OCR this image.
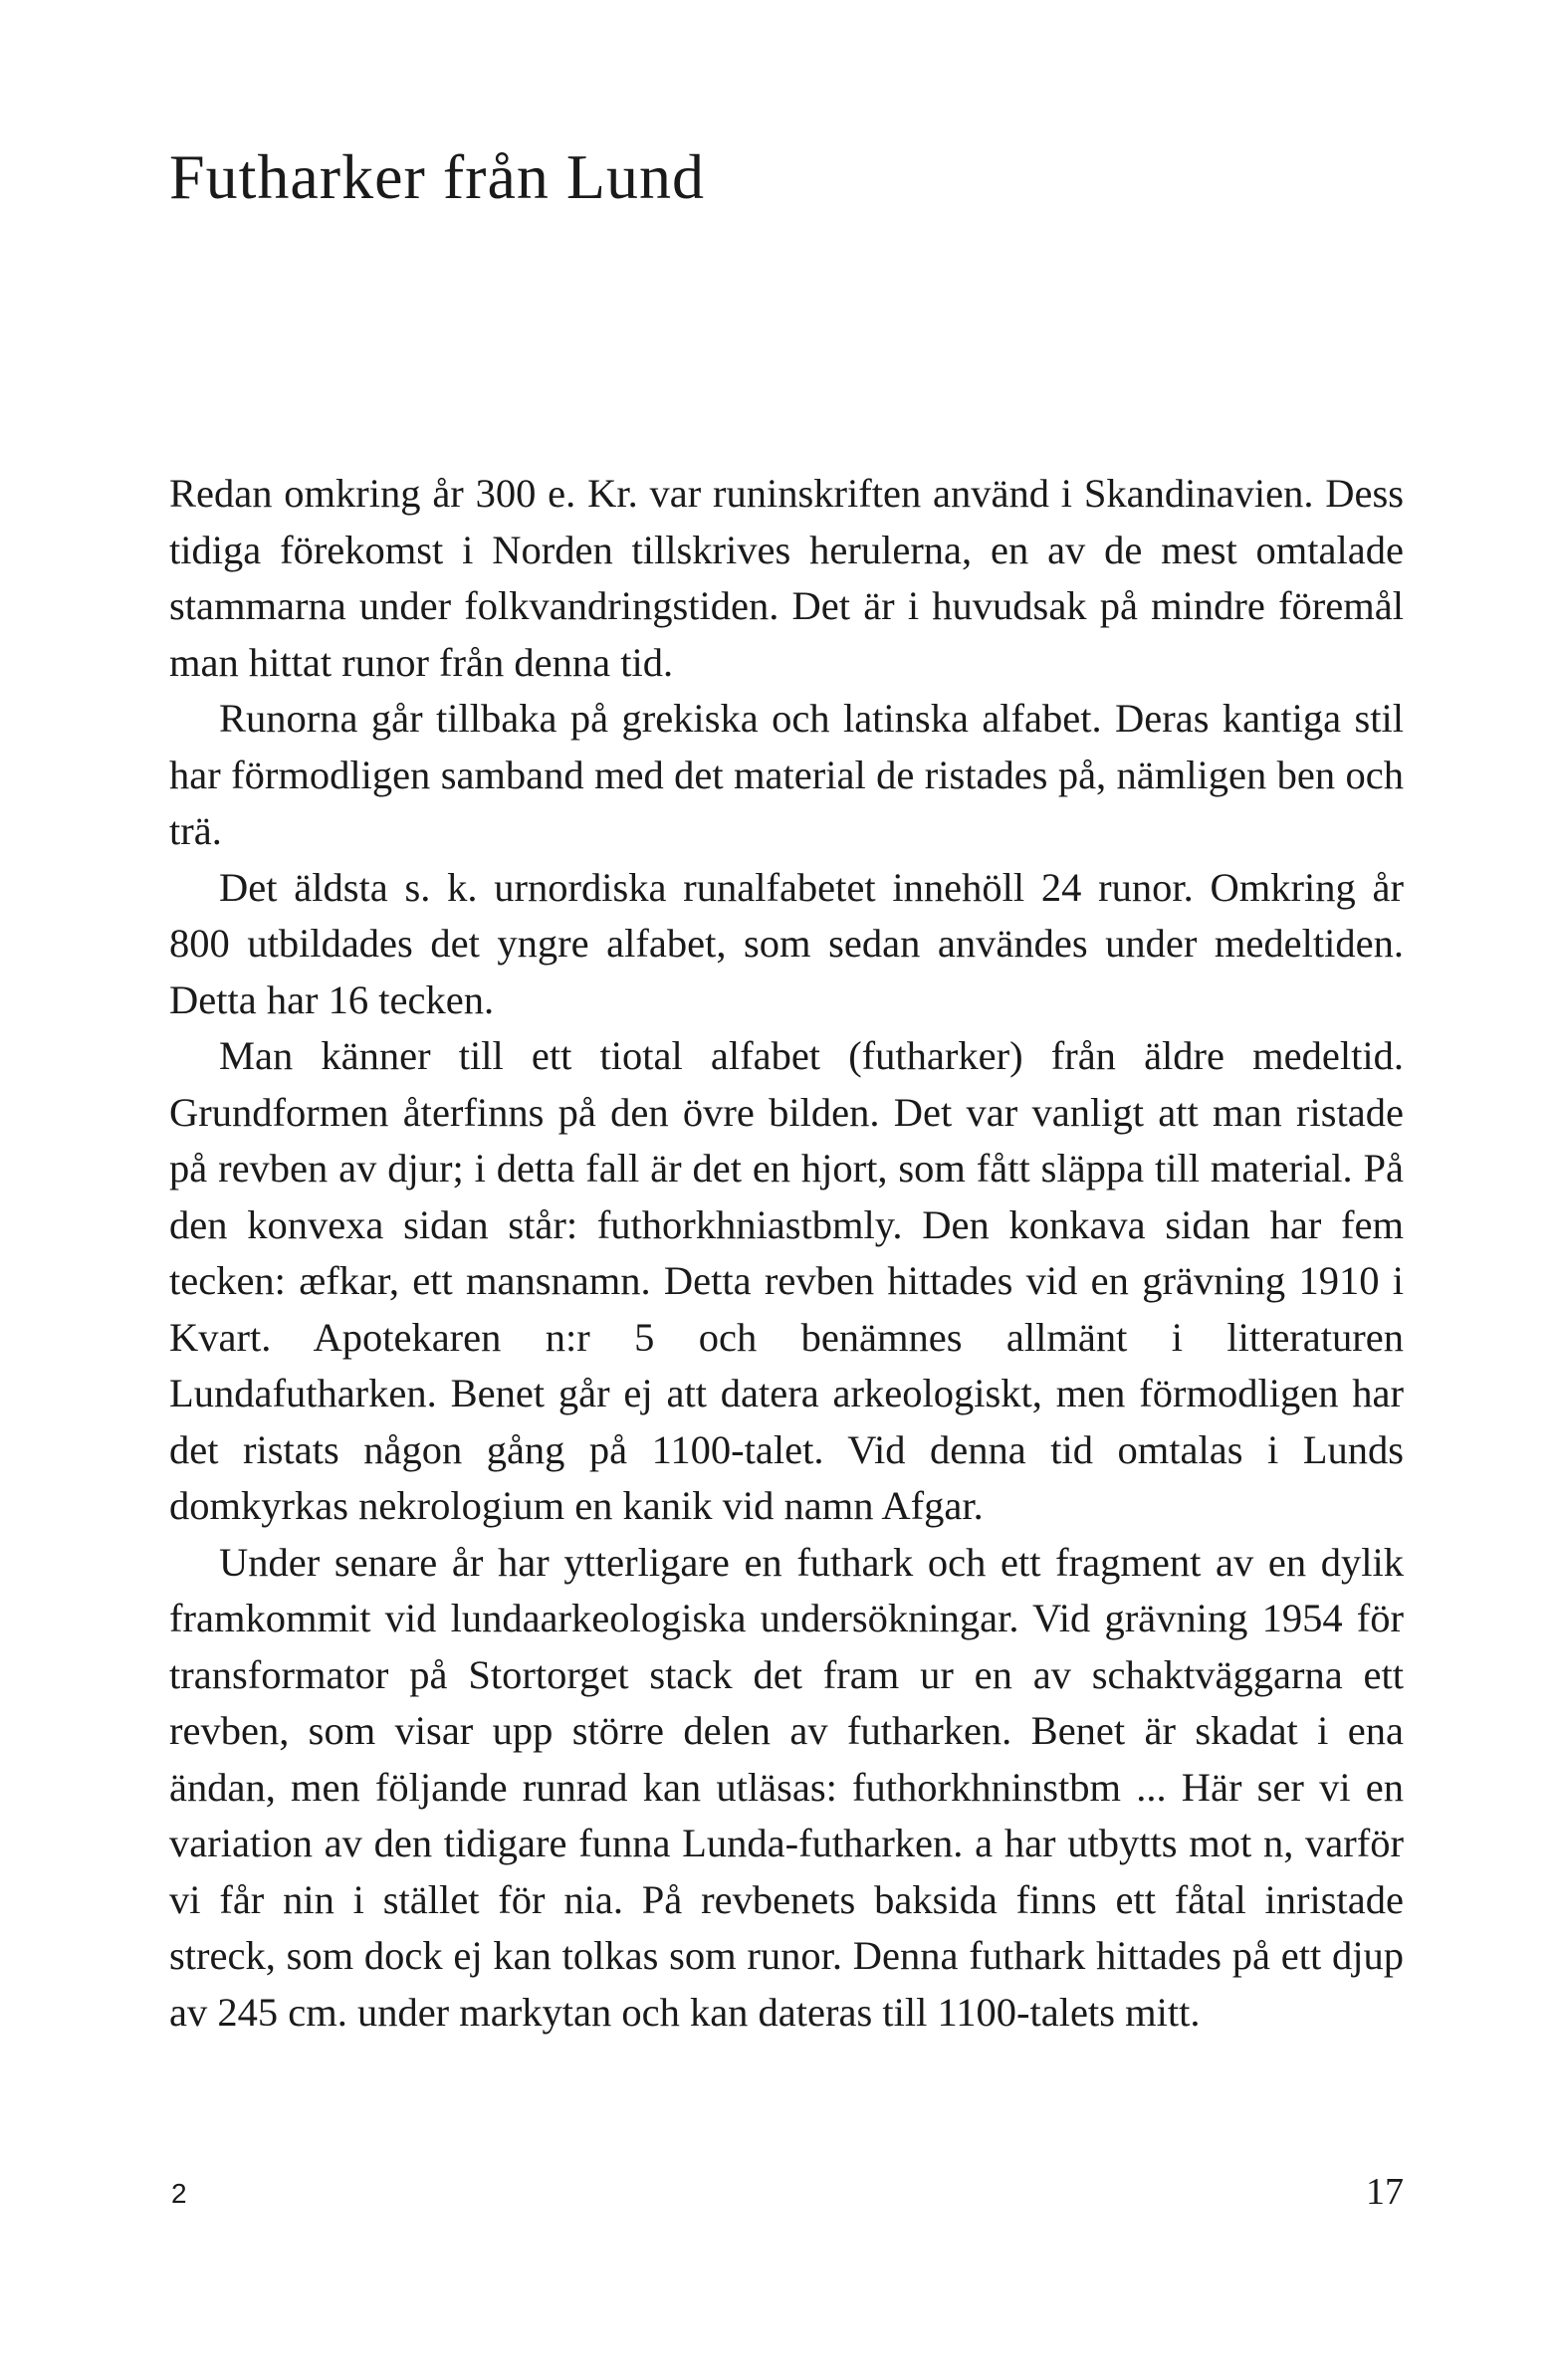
Futharker från Lund

Redan omkring år 300 e. Kr. var runinskriften använd i Skandinavien. Dess tidiga förekomst i Norden tillskrives herulerna, en av de mest omtalade stammarna under folkvandringstiden. Det är i huvudsak på mindre föremål man hittat runor från denna tid.

Runorna går tillbaka på grekiska och latinska alfabet. Deras kantiga stil har förmodligen samband med det material de ristades på, nämligen ben och trä.

Det äldsta s. k. urnordiska runalfabetet innehöll 24 runor. Omkring år 800 utbildades det yngre alfabet, som sedan användes under medeltiden. Detta har 16 tecken.

Man känner till ett tiotal alfabet (futharker) från äldre medeltid. Grundformen återfinns på den övre bilden. Det var vanligt att man ristade på revben av djur; i detta fall är det en hjort, som fått släppa till material. På den konvexa sidan står: futhorkhniastbmly. Den konkava sidan har fem tecken: æfkar, ett mansnamn. Detta revben hittades vid en grävning 1910 i Kvart. Apotekaren n:r 5 och benämnes allmänt i litteraturen Lundafutharken. Benet går ej att datera arkeologiskt, men förmodligen har det ristats någon gång på 1100-talet. Vid denna tid omtalas i Lunds domkyrkas nekrologium en kanik vid namn Afgar.

Under senare år har ytterligare en futhark och ett fragment av en dylik framkommit vid lundaarkeologiska undersökningar. Vid grävning 1954 för transformator på Stortorget stack det fram ur en av schaktväggarna ett revben, som visar upp större delen av futharken. Benet är skadat i ena ändan, men följande runrad kan utläsas: futhorkhninstbm ... Här ser vi en variation av den tidigare funna Lunda-futharken. a har utbytts mot n, varför vi får nin i stället för nia. På revbenets baksida finns ett fåtal inristade streck, som dock ej kan tolkas som runor. Denna futhark hittades på ett djup av 245 cm. under markytan och kan dateras till 1100-talets mitt.

2	17
